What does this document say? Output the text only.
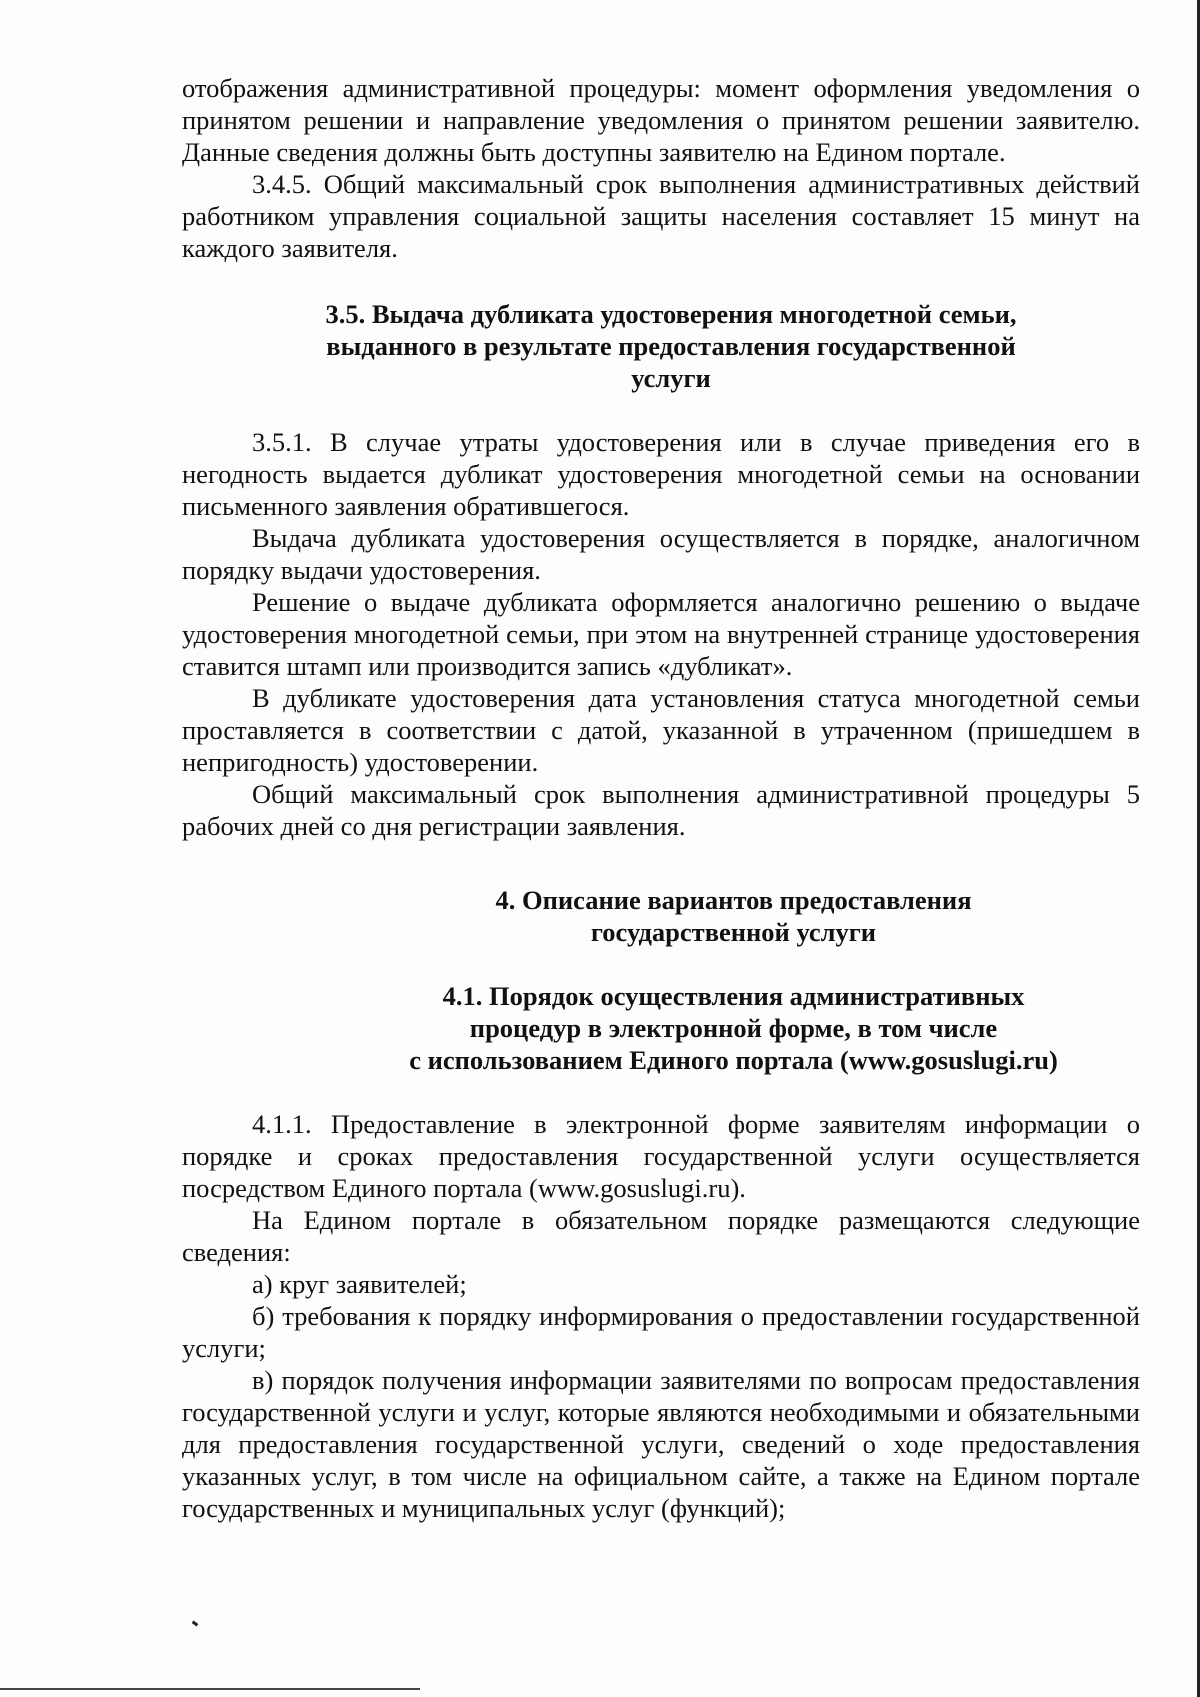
отображения административной процедуры: момент оформления уведомления о принятом решении и направление уведомления о принятом решении заявителю. Данные сведения должны быть доступны заявителю на Едином портале.

3.4.5. Общий максимальный срок выполнения административных действий работником управления социальной защиты населения составляет 15 минут на каждого заявителя.

3.5. Выдача дубликата удостоверения многодетной семьи,
выданного в результате предоставления государственной
услуги

3.5.1. В случае утраты удостоверения или в случае приведения его в негодность выдается дубликат удостоверения многодетной семьи на основании письменного заявления обратившегося.

Выдача дубликата удостоверения осуществляется в порядке, аналогичном порядку выдачи удостоверения.

Решение о выдаче дубликата оформляется аналогично решению о выдаче удостоверения многодетной семьи, при этом на внутренней странице удостоверения ставится штамп или производится запись «дубликат».

В дубликате удостоверения дата установления статуса многодетной семьи проставляется в соответствии с датой, указанной в утраченном (пришедшем в непригодность) удостоверении.

Общий максимальный срок выполнения административной процедуры 5 рабочих дней со дня регистрации заявления.

4. Описание вариантов предоставления
государственной услуги
4.1. Порядок осуществления административных
процедур в электронной форме, в том числе
с использованием Единого портала (www.gosuslugi.ru)

4.1.1. Предоставление в электронной форме заявителям информации о порядке и сроках предоставления государственной услуги осуществляется посредством Единого портала (www.gosuslugi.ru).

На Едином портале в обязательном порядке размещаются следующие сведения:

а) круг заявителей;

б) требования к порядку информирования о предоставлении государственной услуги;

в) порядок получения информации заявителями по вопросам предоставления государственной услуги и услуг, которые являются необходимыми и обязательными для предоставления государственной услуги, сведений о ходе предоставления указанных услуг, в том числе на официальном сайте, а также на Едином портале государственных и муниципальных услуг (функций);
